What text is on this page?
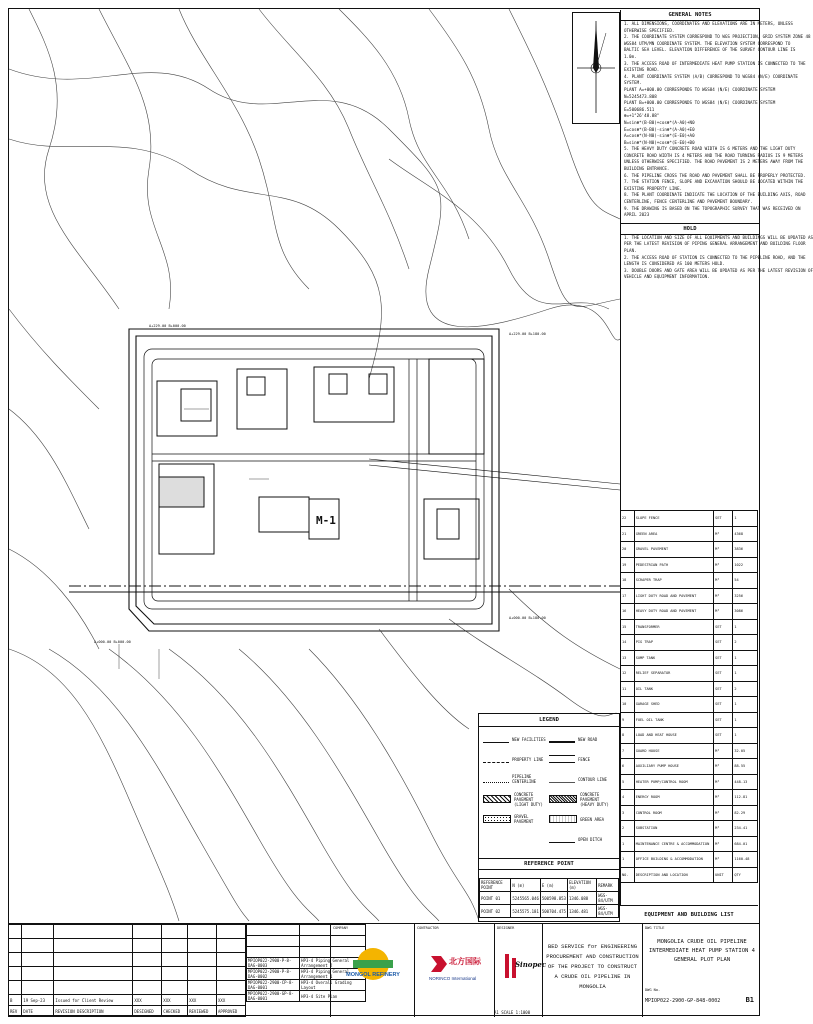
M-1
A+229.00 B+000.00
A+229.00 B+180.00
A+000.00 B+000.00
A+000.00 B+180.00
GENERAL NOTES
1. ALL DIMENSIONS, COORDINATES AND ELEVATIONS ARE IN METERS, UNLESS
OTHERWISE SPECIFIED.
2. THE COORDINATE SYSTEM CORRESPOND TO WGS PROJECTION, GRID SYSTEM ZONE 48
WGS84 UTM/MN COORDINATE SYSTEM. THE ELEVATION SYSTEM CORRESPOND TO
BALTIC SEA LEVEL. ELEVATION DIFFERENCE OF THE SURVEY CONTOUR LINE IS
1.0m.
3. THE ACCESS ROAD OF INTERMEDIATE HEAT PUMP STATION IS CONNECTED TO THE
EXISTING ROAD.
4. PLANT COORDINATE SYSTEM (A/B) CORRESPOND TO WGS84 (N/E) COORDINATE
SYSTEM.
PLANT A=+000.00 CORRESPONDS TO WGS84 (N/E) COORDINATE SYSTEM
N=5245473.808
PLANT B=+000.00 CORRESPONDS TO WGS84 (N/E) COORDINATE SYSTEM
E=500686.511
θ=+1°26'48.88"
N=sinθ*(B-B0)+cosθ*(A-A0)+N0
E=cosθ*(B-B0)-sinθ*(A-A0)+E0
A=cosθ*(N-N0)-sinθ*(E-E0)+A0
B=sinθ*(N-N0)+cosθ*(E-E0)+B0
5. THE HEAVY DUTY CONCRETE ROAD WIDTH IS 6 METERS AND THE LIGHT DUTY
CONCRETE ROAD WIDTH IS 4 METERS AND THE ROAD TURNING RADIUS IS 9 METERS
UNLESS OTHERWISE SPECIFIED. THE ROAD PAVEMENT IS 2 METERS AWAY FROM THE
BUILDING ENTRANCE.
6. THE PIPELINE CROSS THE ROAD AND PAVEMENT SHALL BE PROPERLY PROTECTED.
7. THE STATION FENCE, SLOPE AND EXCAVATION SHOULD BE LOCATED WITHIN THE
EXISTING PROPERTY LINE.
8. THE PLANT COORDINATE INDICATE THE LOCATION OF THE BUILDING AXIS, ROAD
CENTERLINE, FENCE CENTERLINE AND PAVEMENT BOUNDARY.
9. THE DRAWING IS BASED ON THE TOPOGRAPHIC SURVEY THAT WAS RECEIVED ON
APRIL 2023
HOLD
1. THE LOCATION AND SIZE OF ALL EQUIPMENTS AND BUILDINGS WILL BE UPDATED AS
PER THE LATEST REVISION OF PIPING GENERAL ARRANGEMENT AND BUILDING FLOOR
PLAN.
2. THE ACCESS ROAD OF STATION IS CONNECTED TO THE PIPELINE ROAD, AND THE
LENGTH IS CONSIDERED AS 100 METERS HOLD.
3. DOUBLE DOORS AND GATE AREA WILL BE UPDATED AS PER THE LATEST REVISION OF
VEHICLE AND EQUIPMENT INFORMATION.
22	SLOPE FENCE	SET	1
21	GREEN AREA	M²	4368
20	GRAVEL PAVEMENT	M²	3836
19	PEDESTRIAN PATH	M²	1022
18	SCRAPER TRAP	M²	54
17	LIGHT DUTY ROAD AND PAVEMENT	M²	3256
16	HEAVY DUTY ROAD AND PAVEMENT	M²	3086
15	TRANSFORMER	SET	1
14	PIG TRAP	SET	2
13	SUMP TANK	SET	1
12	RELIEF SEPARATOR	SET	1
11	OIL TANK	SET	2
10	GARAGE SHED	SET	1
9	FUEL OIL TANK	SET	1
8	LOAD AND HEAT HOUSE	SET	1
7	GUARD HOUSE	M²	32.05
6	AUXILIARY PUMP HOUSE	M²	88.55
5	HEATER PUMP/CONTROL ROOM	M²	448.13
4	ENERGY ROOM	M²	112.81
3	CONTROL ROOM	M²	82.29
2	SUBSTATION	M²	234.41
1	MAINTENANCE CENTRE & ACCOMMODATION	M²	684.01
1	OFFICE BUILDING & ACCOMMODATION	M²	1160.48
NO.	DESCRIPTION AND LOCATION	UNIT	QTY
EQUIPMENT AND BUILDING LIST
LEGEND
NEW FACILITIES	NEW ROAD
PROPERTY LINE	FENCE
PIPELINE CENTERLINE	CONTOUR LINE
CONCRETE PAVEMENT (LIGHT DUTY)
CONCRETE PAVEMENT (HEAVY DUTY)
GRAVEL PAVEMENT	GREEN AREA
OPEN DITCH
REFERENCE POINT
REFERENCE POINT	N (m)	E (m)	ELEVATION (m)	REMARK
POINT 01	5245565.046	500598.853	1346.088	WGS-84/UTM
POINT 02	5245575.181	500704.475	1346.481	WGS-84/UTM

B	19 Sep-23	Issued for Client Review	XXX	XXX	XXX	XXX
REV	DATE	REVISION DESCRIPTION	DESIGNED	CHECKED	REVIEWED	APPROVED

MPIOP022-2900-P-8-DAG-0003	HP3-4 Piping General Arrangement 2
MPIOP022-2900-P-8-DAG-0002	HP3-4 Piping General Arrangement 1
MPIOP022-2900-CP-8-DAG-0001	HP3-4 Overall Grading Layout
MPIOP022-2900-GP-8-DAG-0001	HP3-4 Site Plan
COMPANY
MONGOL REFINERY
CONTRACTOR
北方国际
NORINCO International
DESIGNER
Sinopec
BED SERVICE for ENGINEERING
PROCUREMENT AND CONSTRUCTION
OF THE PROJECT TO CONSTRUCT
A CRUDE OIL PIPELINE IN MONGOLIA
DWG TITLE
MONGOLIA CRUDE OIL PIPELINE
INTERMEDIATE HEAT PUMP STATION 4
GENERAL PLOT PLAN
DWG No.
MPIOP022-2900-GP-848-0002	B1
A1 SCALE 1:1000
